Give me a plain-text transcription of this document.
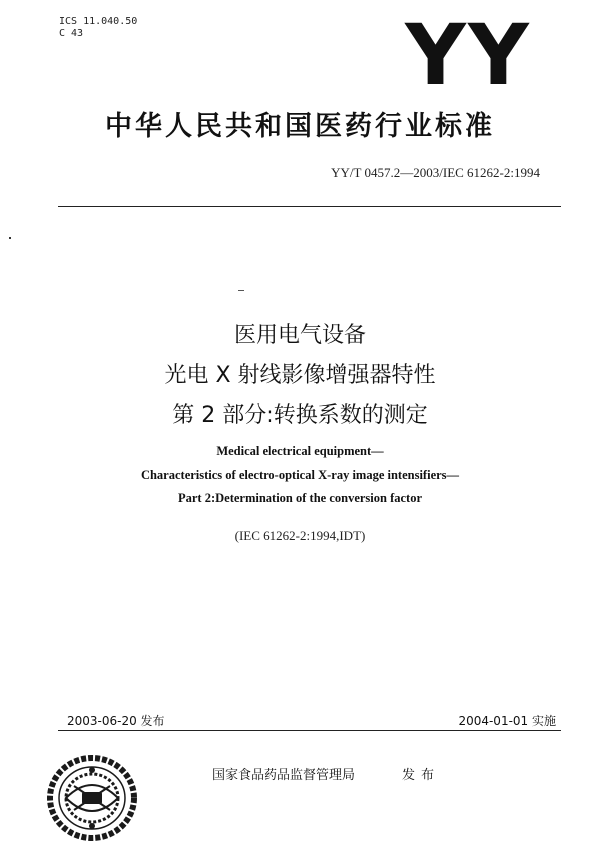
ICS 11.040.50
C 43	YY
中华人民共和国医药行业标准
YY/T 0457.2—2003/IEC 61262-2:1994
医用电气设备
光电 X 射线影像增强器特性
第 2 部分:转换系数的测定
Medical electrical equipment—
Characteristics of electro-optical X-ray image intensifiers—
Part 2:Determination of the conversion factor
(IEC 61262-2:1994,IDT)
2003-06-20 发布	2004-01-01 实施
国家食品药品监督管理局	发布
